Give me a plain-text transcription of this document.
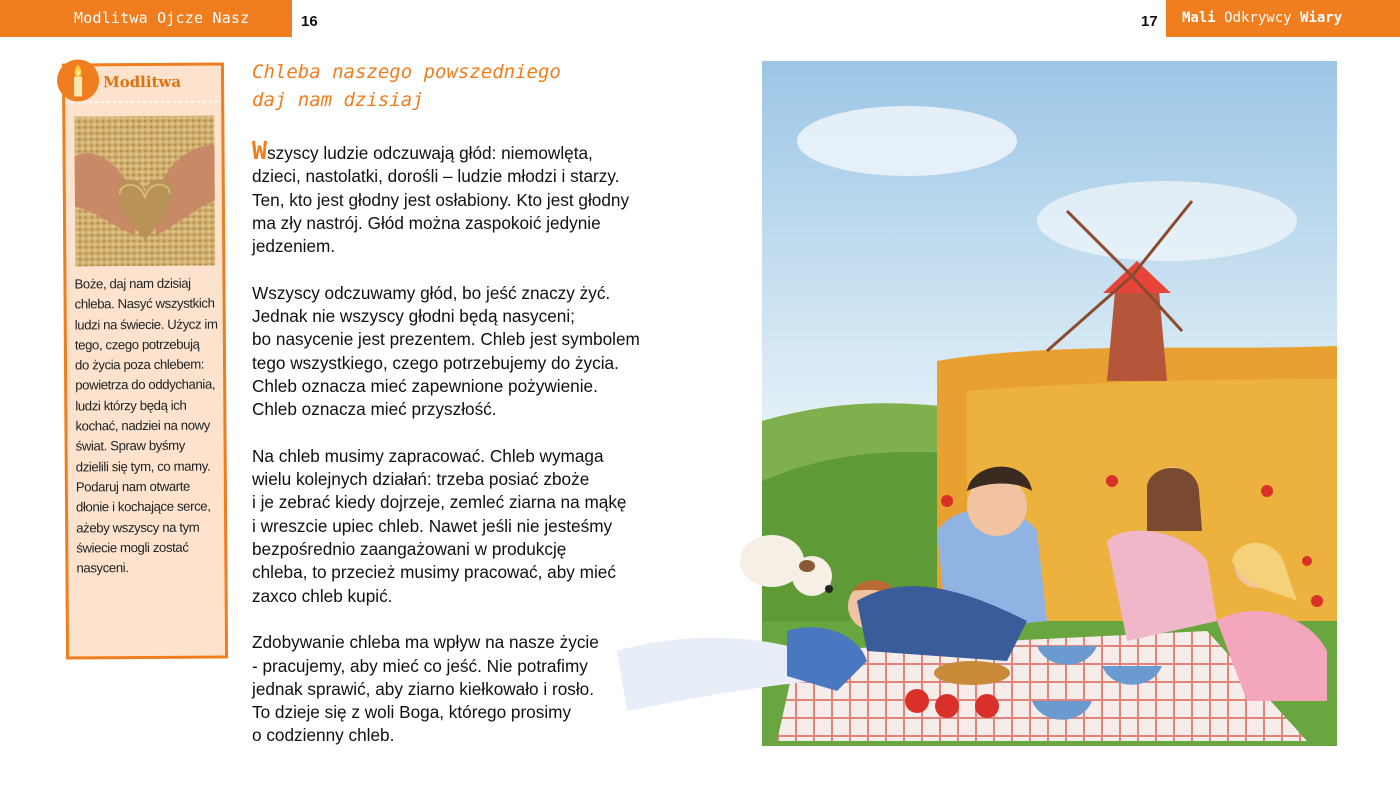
Modlitwa Ojcze Nasz	16	17	Mali Odkrywcy Wiary
Modlitwa
Boże, daj nam dzisiaj
chleba. Nasyć wszystkich
ludzi na świecie. Użycz im
tego, czego potrzebują
do życia poza chlebem:
powietrza do oddychania,
ludzi którzy będą ich
kochać, nadziei na nowy
świat. Spraw byśmy
dzielili się tym, co mamy.
Podaruj nam otwarte
dłonie i kochające serce,
ażeby wszyscy na tym
świecie mogli zostać
nasyceni.
Chleba naszego powszedniego
daj nam dzisiaj

Wszyscy ludzie odczuwają głód: niemowlęta,
dzieci, nastolatki, dorośli – ludzie młodzi i starzy.
Ten, kto jest głodny jest osłabiony. Kto jest głodny
ma zły nastrój. Głód można zaspokoić jedynie
jedzeniem.

Wszyscy odczuwamy głód, bo jeść znaczy żyć.
Jednak nie wszyscy głodni będą nasyceni;
bo nasycenie jest prezentem. Chleb jest symbolem
tego wszystkiego, czego potrzebujemy do życia.
Chleb oznacza mieć zapewnione pożywienie.
Chleb oznacza mieć przyszłość.

Na chleb musimy zapracować. Chleb wymaga
wielu kolejnych działań: trzeba posiać zboże
i je zebrać kiedy dojrzeje, zemleć ziarna na mąkę
i wreszcie upiec chleb. Nawet jeśli nie jesteśmy
bezpośrednio zaangażowani w produkcję
chleba, to przecież musimy pracować, aby mieć
zaxco chleb kupić.

Zdobywanie chleba ma wpływ na nasze życie
- pracujemy, aby mieć co jeść. Nie potrafimy
jednak sprawić, aby ziarno kiełkowało i rosło.
To dzieje się z woli Boga, którego prosimy
o codzienny chleb.
